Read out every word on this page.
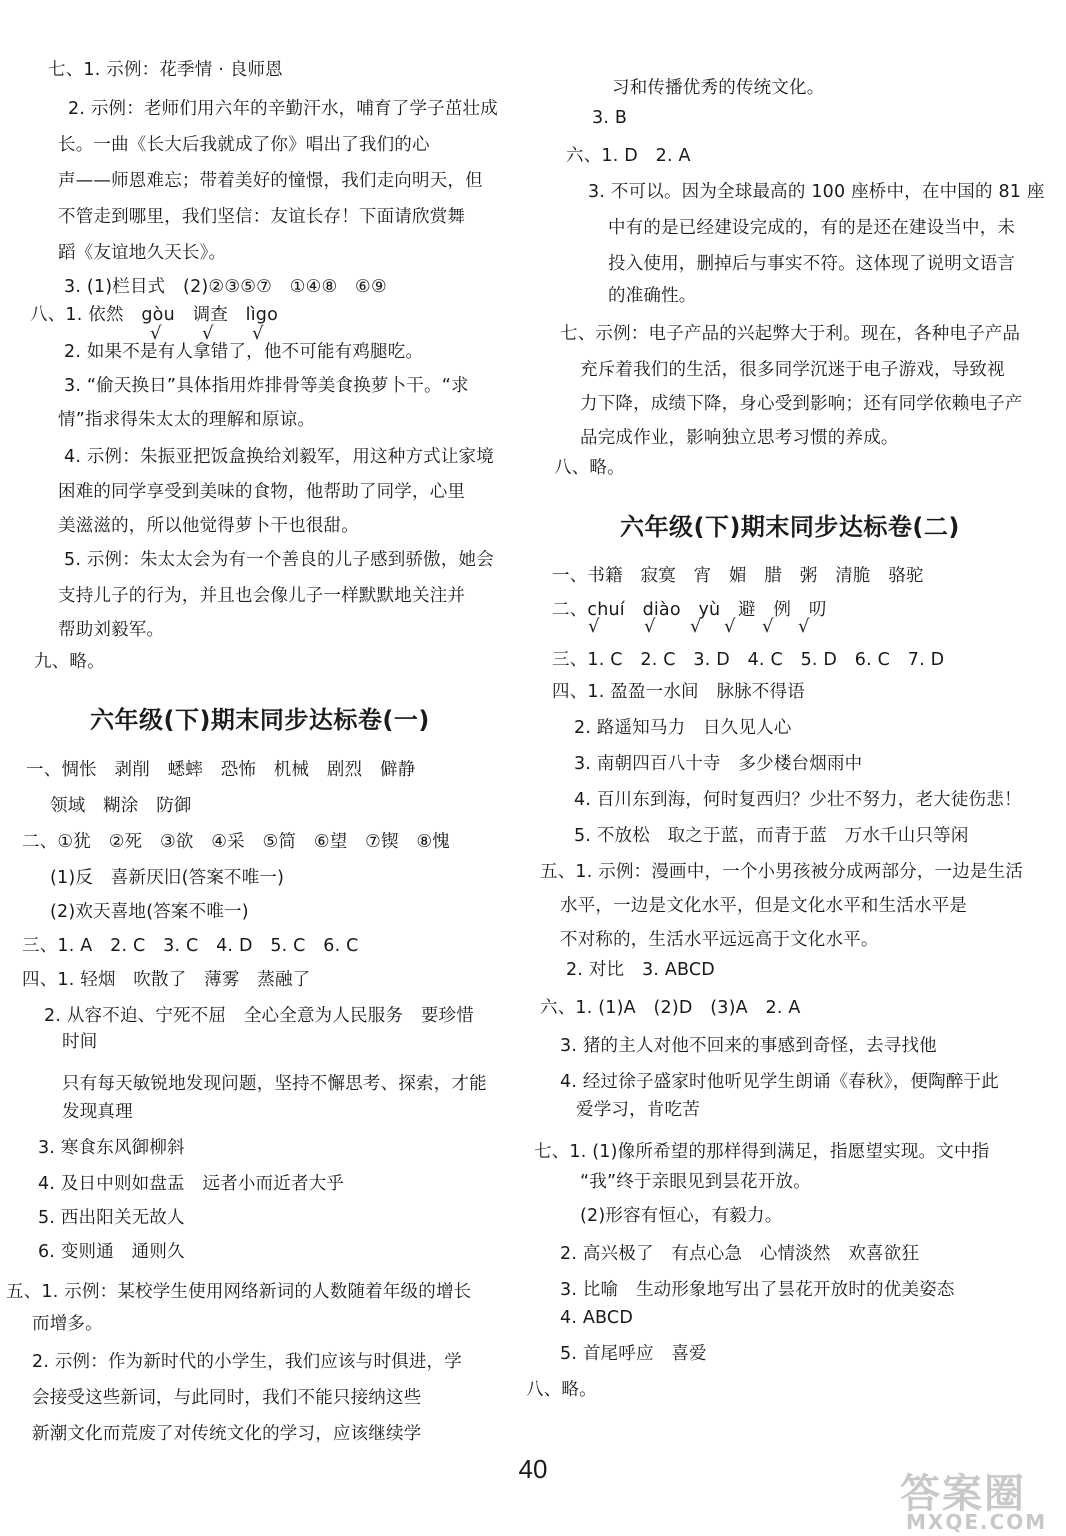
七、1. 示例：花季情 · 良师恩
2. 示例：老师们用六年的辛勤汗水，哺育了学子茁壮成
长。一曲《长大后我就成了你》唱出了我们的心
声——师恩难忘；带着美好的憧憬，我们走向明天，但
不管走到哪里，我们坚信：友谊长存！下面请欣赏舞
蹈《友谊地久天长》。
3. (1)栏目式　(2)②③⑤⑦　①④⑧　⑥⑨
八、1. 依然　gòu　调查　lìgo
√ √ √
2. 如果不是有人拿错了，他不可能有鸡腿吃。
3. “偷天换日”具体指用炸排骨等美食换萝卜干。“求
情”指求得朱太太的理解和原谅。
4. 示例：朱振亚把饭盒换给刘毅军，用这种方式让家境
困难的同学享受到美味的食物，他帮助了同学，心里
美滋滋的，所以他觉得萝卜干也很甜。
5. 示例：朱太太会为有一个善良的儿子感到骄傲，她会
支持儿子的行为，并且也会像儿子一样默默地关注并
帮助刘毅军。
九、略。
六年级(下)期末同步达标卷(一)
一、惆怅　剥削　蟋蟀　恐怖　机械　剧烈　僻静
领域　糊涂　防御
二、①犹　②死　③欲　④采　⑤简　⑥望　⑦锲　⑧愧
(1)反　喜新厌旧(答案不唯一)
(2)欢天喜地(答案不唯一)
三、1. A　2. C　3. C　4. D　5. C　6. C
四、1. 轻烟　吹散了　薄雾　蒸融了
2. 从容不迫、宁死不屈　全心全意为人民服务　要珍惜
时间
只有每天敏锐地发现问题，坚持不懈思考、探索，才能
发现真理
3. 寒食东风御柳斜
4. 及日中则如盘盂　远者小而近者大乎
5. 西出阳关无故人
6. 变则通　通则久
五、1. 示例：某校学生使用网络新词的人数随着年级的增长
而增多。
2. 示例：作为新时代的小学生，我们应该与时俱进，学
会接受这些新词，与此同时，我们不能只接纳这些
新潮文化而荒废了对传统文化的学习，应该继续学
习和传播优秀的传统文化。
3. B
六、1. D　2. A
3. 不可以。因为全球最高的 100 座桥中，在中国的 81 座
中有的是已经建设完成的，有的是还在建设当中，未
投入使用，删掉后与事实不符。这体现了说明文语言
的准确性。
七、示例：电子产品的兴起弊大于利。现在，各种电子产品
充斥着我们的生活，很多同学沉迷于电子游戏，导致视
力下降，成绩下降，身心受到影响；还有同学依赖电子产
品完成作业，影响独立思考习惯的养成。
八、略。
六年级(下)期末同步达标卷(二)
一、书籍　寂寞　宵　媚　腊　粥　清脆　骆驼
二、chuí　diào　yù　避　例　叨
√ √ √ √ √ √
三、1. C　2. C　3. D　4. C　5. D　6. C　7. D
四、1. 盈盈一水间　脉脉不得语
2. 路遥知马力　日久见人心
3. 南朝四百八十寺　多少楼台烟雨中
4. 百川东到海，何时复西归？少壮不努力，老大徒伤悲！
5. 不放松　取之于蓝，而青于蓝　万水千山只等闲
五、1. 示例：漫画中，一个小男孩被分成两部分，一边是生活
水平，一边是文化水平，但是文化水平和生活水平是
不对称的，生活水平远远高于文化水平。
2. 对比　3. ABCD
六、1. (1)A　(2)D　(3)A　2. A
3. 猪的主人对他不回来的事感到奇怪，去寻找他
4. 经过徐子盛家时他听见学生朗诵《春秋》，便陶醉于此
爱学习，肯吃苦
七、1. (1)像所希望的那样得到满足，指愿望实现。文中指
“我”终于亲眼见到昙花开放。
(2)形容有恒心，有毅力。
2. 高兴极了　有点心急　心情淡然　欢喜欲狂
3. 比喻　生动形象地写出了昙花开放时的优美姿态
4. ABCD
5. 首尾呼应　喜爱
八、略。
40
答案圈
MXQE.COM
